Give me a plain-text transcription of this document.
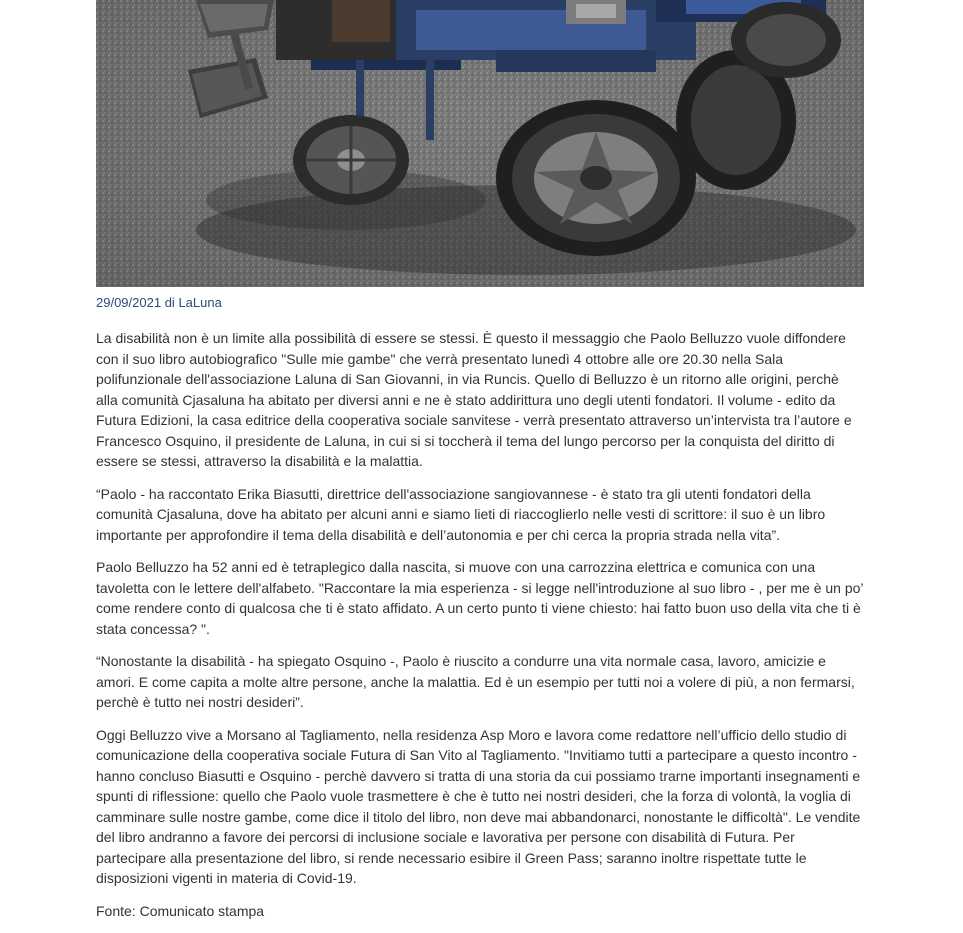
29/09/2021 di LaLuna

La disabilità non è un limite alla possibilità di essere se stessi. È questo il messaggio che Paolo Belluzzo vuole diffondere con il suo libro autobiografico "Sulle mie gambe" che verrà presentato lunedì 4 ottobre alle ore 20.30 nella Sala polifunzionale dell'associazione Laluna di San Giovanni, in via Runcis. Quello di Belluzzo è un ritorno alle origini, perchè alla comunità Cjasaluna ha abitato per diversi anni e ne è stato addirittura uno degli utenti fondatori. Il volume - edito da Futura Edizioni, la casa editrice della cooperativa sociale sanvitese - verrà presentato attraverso un’intervista tra l’autore e Francesco Osquino, il presidente de Laluna, in cui si si toccherà il tema del lungo percorso per la conquista del diritto di essere se stessi, attraverso la disabilità e la malattia.

“Paolo - ha raccontato Erika Biasutti, direttrice dell'associazione sangiovannese - è stato tra gli utenti fondatori della comunità Cjasaluna, dove ha abitato per alcuni anni e siamo lieti di riaccoglierlo nelle vesti di scrittore: il suo è un libro importante per approfondire il tema della disabilità e dell’autonomia e per chi cerca la propria strada nella vita”.

Paolo Belluzzo ha 52 anni ed è tetraplegico dalla nascita, si muove con una carrozzina elettrica e comunica con una tavoletta con le lettere dell'alfabeto. "Raccontare la mia esperienza - si legge nell'introduzione al suo libro - , per me è un po’ come rendere conto di qualcosa che ti è stato affidato. A un certo punto ti viene chiesto: hai fatto buon uso della vita che ti è stata concessa? ".

“Nonostante la disabilità - ha spiegato Osquino -, Paolo è riuscito a condurre una vita normale casa, lavoro, amicizie e amori. E come capita a molte altre persone, anche la malattia. Ed è un esempio per tutti noi a volere di più, a non fermarsi, perchè è tutto nei nostri desideri”.

Oggi Belluzzo vive a Morsano al Tagliamento, nella residenza Asp Moro e lavora come redattore nell’ufficio dello studio di comunicazione della cooperativa sociale Futura di San Vito al Tagliamento. "Invitiamo tutti a partecipare a questo incontro - hanno concluso Biasutti e Osquino - perchè davvero si tratta di una storia da cui possiamo trarne importanti insegnamenti e spunti di riflessione: quello che Paolo vuole trasmettere è che è tutto nei nostri desideri, che la forza di volontà, la voglia di camminare sulle nostre gambe, come dice il titolo del libro, non deve mai abbandonarci, nonostante le difficoltà". Le vendite del libro andranno a favore dei percorsi di inclusione sociale e lavorativa per persone con disabilità di Futura. Per partecipare alla presentazione del libro, si rende necessario esibire il Green Pass; saranno inoltre rispettate tutte le disposizioni vigenti in materia di Covid-19.

Fonte: Comunicato stampa
